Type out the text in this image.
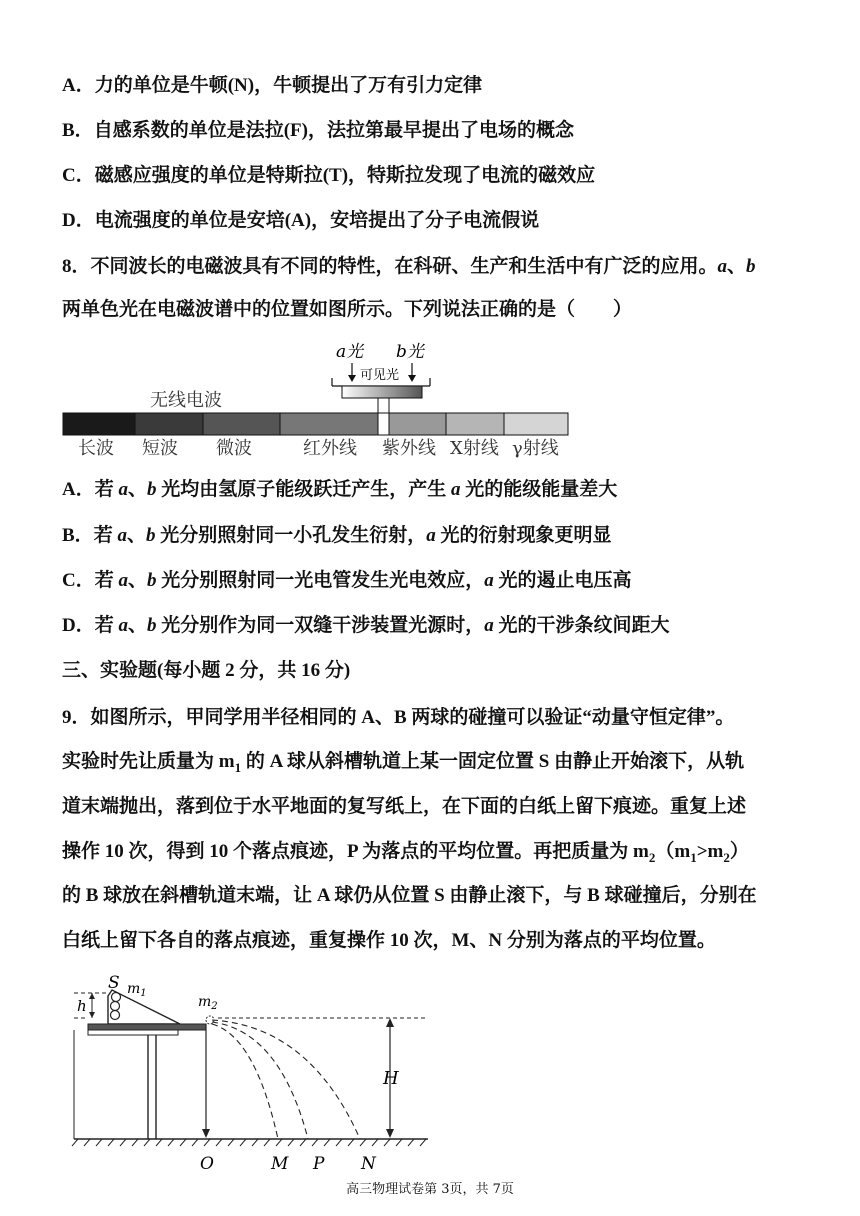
A．力的单位是牛顿(N)，牛顿提出了万有引力定律
B．自感系数的单位是法拉(F)，法拉第最早提出了电场的概念
C．磁感应强度的单位是特斯拉(T)，特斯拉发现了电流的磁效应
D．电流强度的单位是安培(A)，安培提出了分子电流假说
8．不同波长的电磁波具有不同的特性，在科研、生产和生活中有广泛的应用。a、b
两单色光在电磁波谱中的位置如图所示。下列说法正确的是（　　）
a光 b光
可见光
无线电波
长波 短波 微波	红外线 紫外线 X射线 γ射线
A．若 a、b 光均由氢原子能级跃迁产生，产生 a 光的能级能量差大
B．若 a、b 光分别照射同一小孔发生衍射，a 光的衍射现象更明显
C．若 a、b 光分别照射同一光电管发生光电效应，a 光的遏止电压高
D．若 a、b 光分别作为同一双缝干涉装置光源时，a 光的干涉条纹间距大
三、实验题(每小题 2 分，共 16 分)
9．如图所示，甲同学用半径相同的 A、B 两球的碰撞可以验证“动量守恒定律”。
实验时先让质量为 $m_1$ 的 A 球从斜槽轨道上某一固定位置 S 由静止开始滚下，从轨
道末端抛出，落到位于水平地面的复写纸上，在下面的白纸上留下痕迹。重复上述
操作 10 次，得到 10 个落点痕迹，P 为落点的平均位置。再把质量为 $m_2(m_1>m_2)$
的 B 球放在斜槽轨道末端，让 A 球仍从位置 S 由静止滚下，与 B 球碰撞后，分别在
白纸上留下各自的落点痕迹，重复操作 10 次，M、N 分别为落点的平均位置。
h
S $m_1$
$m_2$
H
O	M P N
高三物理试卷第 3页，共 7页
